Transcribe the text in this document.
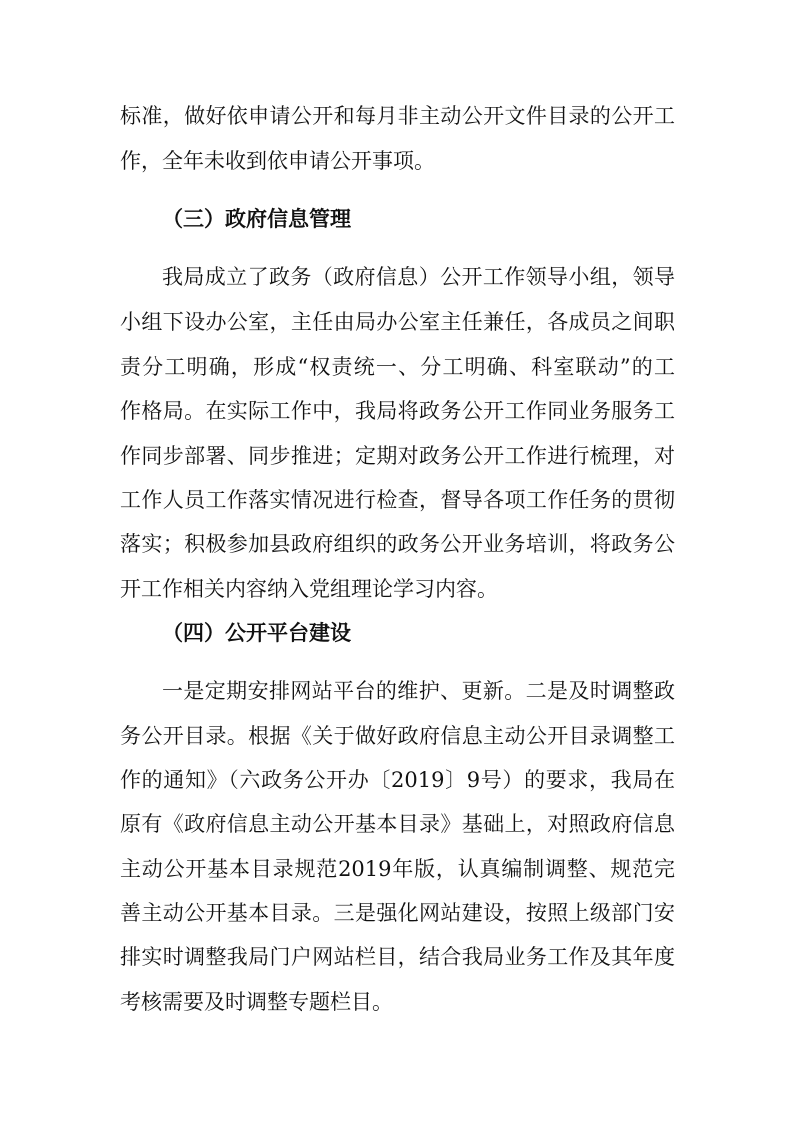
标准，做好依申请公开和每月非主动公开文件目录的公开工
作，全年未收到依申请公开事项。
（三）政府信息管理
我局成立了政务（政府信息）公开工作领导小组，领导
小组下设办公室，主任由局办公室主任兼任，各成员之间职
责分工明确，形成“权责统一、分工明确、科室联动”的工
作格局。在实际工作中，我局将政务公开工作同业务服务工
作同步部署、同步推进；定期对政务公开工作进行梳理，对
工作人员工作落实情况进行检查，督导各项工作任务的贯彻
落实；积极参加县政府组织的政务公开业务培训，将政务公
开工作相关内容纳入党组理论学习内容。
（四）公开平台建设
一是定期安排网站平台的维护、更新。二是及时调整政
务公开目录。根据《关于做好政府信息主动公开目录调整工
作的通知》（六政务公开办〔2019〕9号）的要求，我局在
原有《政府信息主动公开基本目录》基础上，对照政府信息
主动公开基本目录规范2019年版，认真编制调整、规范完
善主动公开基本目录。三是强化网站建设，按照上级部门安
排实时调整我局门户网站栏目，结合我局业务工作及其年度
考核需要及时调整专题栏目。
